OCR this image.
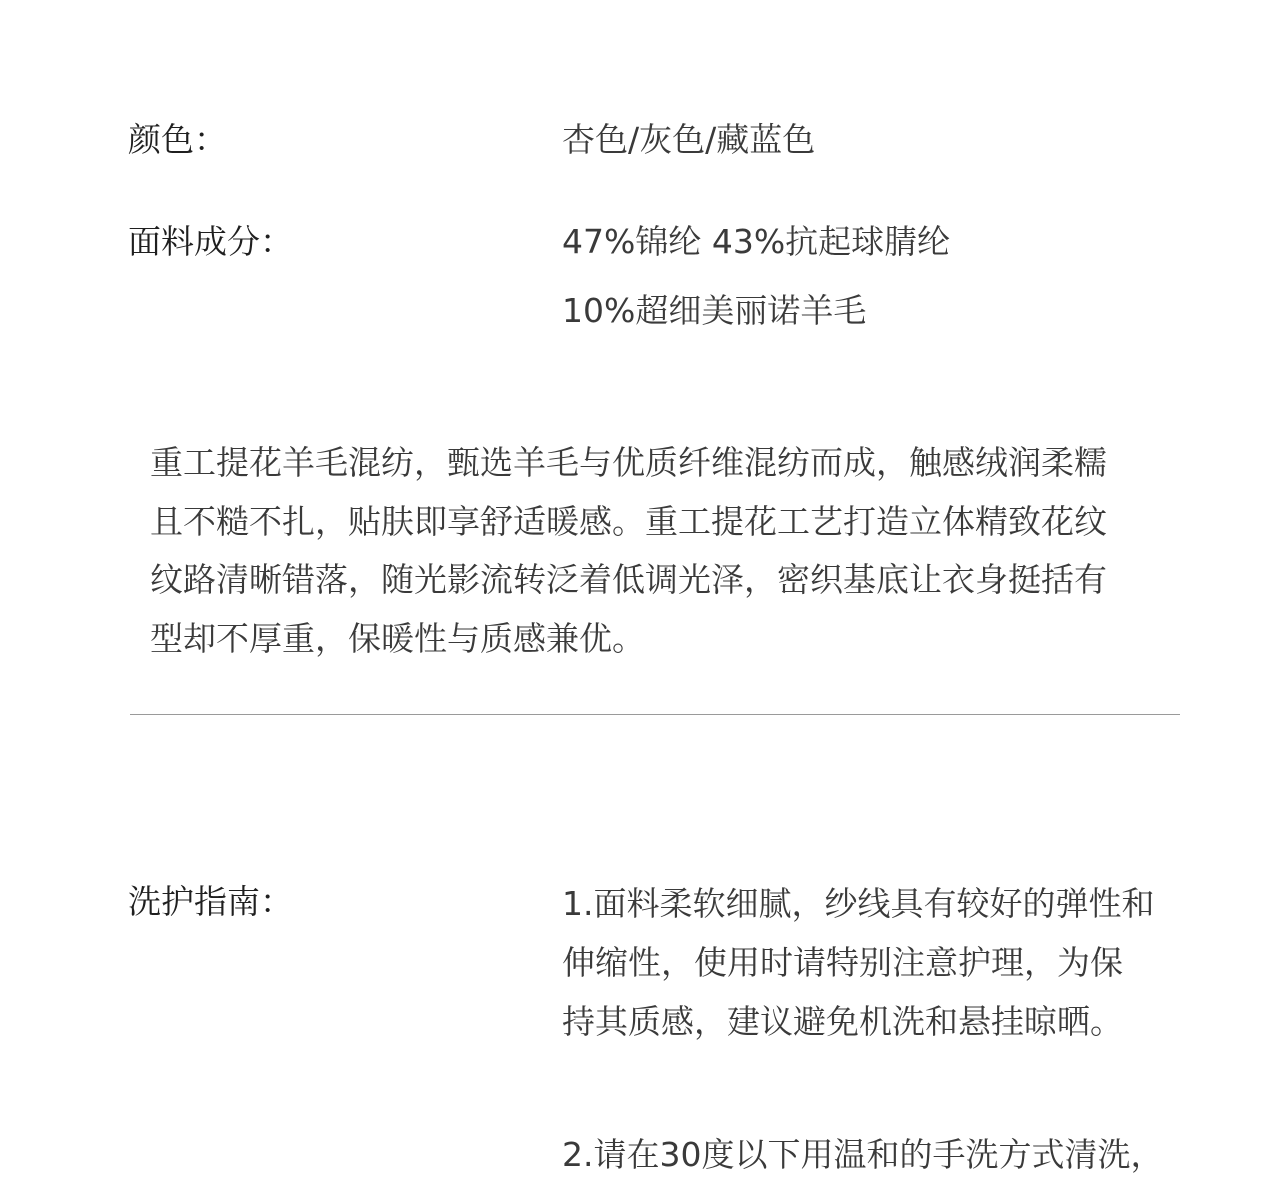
颜色：	杏色/灰色/藏蓝色
面料成分：	47%锦纶 43%抗起球腈纶
10%超细美丽诺羊毛
重工提花羊毛混纺，甄选羊毛与优质纤维混纺而成，触感绒润柔糯
且不糙不扎，贴肤即享舒适暖感。重工提花工艺打造立体精致花纹
纹路清晰错落，随光影流转泛着低调光泽，密织基底让衣身挺括有
型却不厚重，保暖性与质感兼优。
洗护指南：	1.面料柔软细腻，纱线具有较好的弹性和
伸缩性，使用时请特别注意护理，为保
持其质感，建议避免机洗和悬挂晾晒。
2.请在30度以下用温和的手洗方式清洗，
